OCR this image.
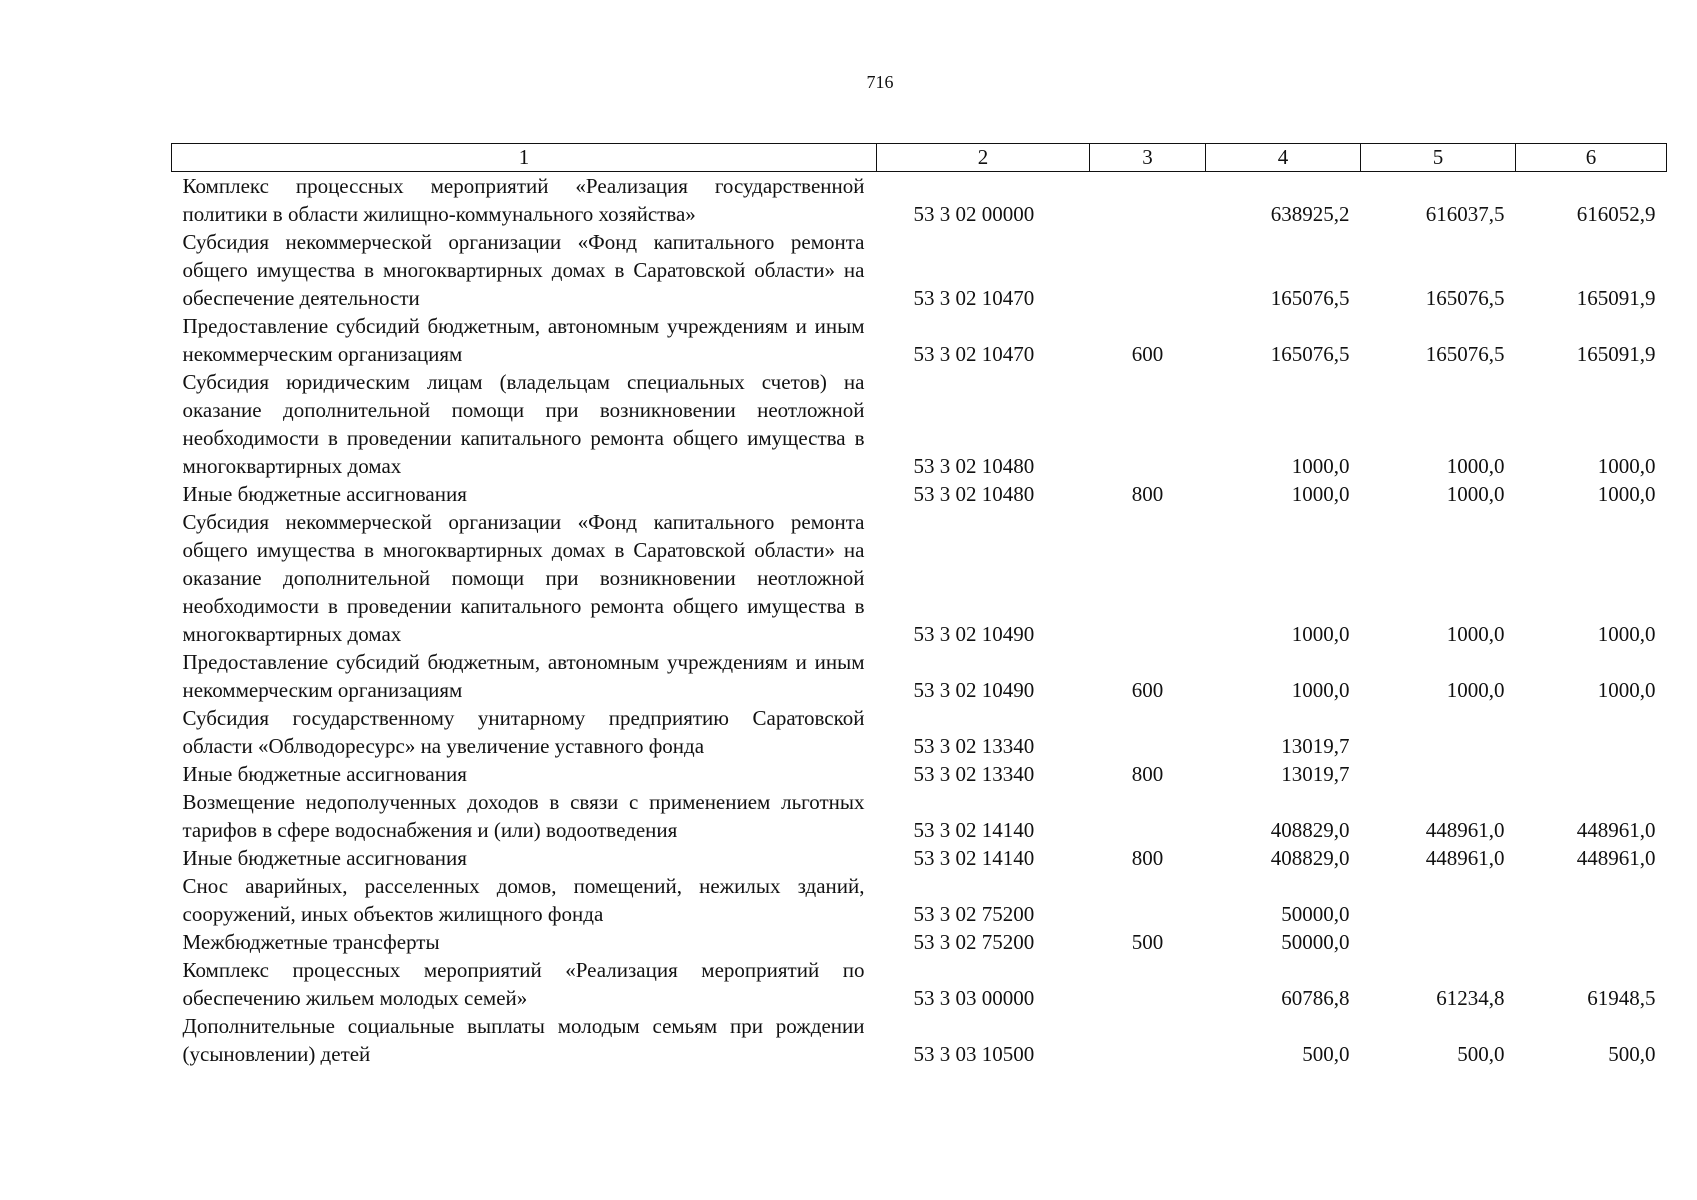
716
1	2	3	4	5	6
Комплекс процессных мероприятий «Реализация государственной политики в области жилищно-коммунального хозяйства»	53 3 02 00000		638925,2	616037,5	616052,9
Субсидия некоммерческой организации «Фонд капитального ремонта общего имущества в многоквартирных домах в Саратовской области» на обеспечение деятельности	53 3 02 10470		165076,5	165076,5	165091,9
Предоставление субсидий бюджетным, автономным учреждениям и иным некоммерческим организациям	53 3 02 10470	600	165076,5	165076,5	165091,9
Субсидия юридическим лицам (владельцам специальных счетов) на оказание дополнительной помощи при возникновении неотложной необходимости в проведении капитального ремонта общего имущества в многоквартирных домах	53 3 02 10480		1000,0	1000,0	1000,0
Иные бюджетные ассигнования	53 3 02 10480	800	1000,0	1000,0	1000,0
Субсидия некоммерческой организации «Фонд капитального ремонта общего имущества в многоквартирных домах в Саратовской области» на оказание дополнительной помощи при возникновении неотложной необходимости в проведении капитального ремонта общего имущества в многоквартирных домах	53 3 02 10490		1000,0	1000,0	1000,0
Предоставление субсидий бюджетным, автономным учреждениям и иным некоммерческим организациям	53 3 02 10490	600	1000,0	1000,0	1000,0
Субсидия государственному унитарному предприятию Саратовской области «Облводоресурс» на увеличение уставного фонда	53 3 02 13340		13019,7		
Иные бюджетные ассигнования	53 3 02 13340	800	13019,7		
Возмещение недополученных доходов в связи с применением льготных тарифов в сфере водоснабжения и (или) водоотведения	53 3 02 14140		408829,0	448961,0	448961,0
Иные бюджетные ассигнования	53 3 02 14140	800	408829,0	448961,0	448961,0
Снос аварийных, расселенных домов, помещений, нежилых зданий, сооружений, иных объектов жилищного фонда	53 3 02 75200		50000,0		
Межбюджетные трансферты	53 3 02 75200	500	50000,0		
Комплекс процессных мероприятий «Реализация мероприятий по обеспечению жильем молодых семей»	53 3 03 00000		60786,8	61234,8	61948,5
Дополнительные социальные выплаты молодым семьям при рождении (усыновлении) детей	53 3 03 10500		500,0	500,0	500,0
